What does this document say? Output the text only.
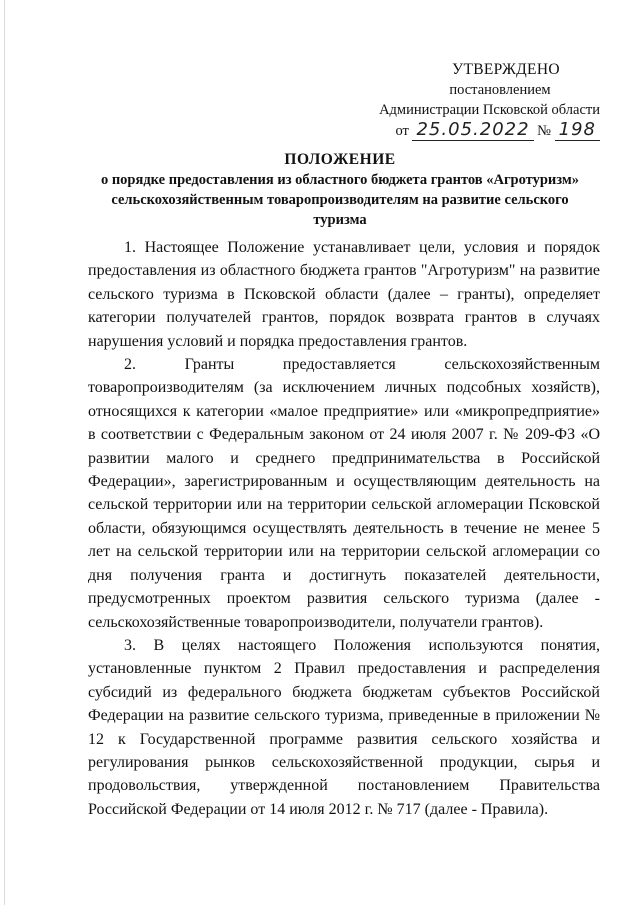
УТВЕРЖДЕНО
постановлением
Администрации Псковской области
от 25.05.2022 № 198
ПОЛОЖЕНИЕ
о порядке предоставления из областного бюджета грантов «Агротуризм»
сельскохозяйственным товаропроизводителям на развитие сельского
туризма

1. Настоящее Положение устанавливает цели, условия и порядок предоставления из областного бюджета грантов "Агротуризм" на развитие сельского туризма в Псковской области (далее – гранты), определяет категории получателей грантов, порядок возврата грантов в случаях нарушения условий и порядка предоставления грантов.

2. Гранты предоставляется сельскохозяйственным товаропроизводителям (за исключением личных подсобных хозяйств), относящихся к категории «малое предприятие» или «микропредприятие» в соответствии с Федеральным законом от 24 июля 2007 г. № 209-ФЗ «О развитии малого и среднего предпринимательства в Российской Федерации», зарегистрированным и осуществляющим деятельность на сельской территории или на территории сельской агломерации Псковской области, обязующимся осуществлять деятельность в течение не менее 5 лет на сельской территории или на территории сельской агломерации со дня получения гранта и достигнуть показателей деятельности, предусмотренных проектом развития сельского туризма (далее - сельскохозяйственные товаропроизводители, получатели грантов).

3. В целях настоящего Положения используются понятия, установленные пунктом 2 Правил предоставления и распределения субсидий из федерального бюджета бюджетам субъектов Российской Федерации на развитие сельского туризма, приведенные в приложении № 12 к Государственной программе развития сельского хозяйства и регулирования рынков сельскохозяйственной продукции, сырья и продовольствия, утвержденной постановлением Правительства Российской Федерации от 14 июля 2012 г. № 717 (далее - Правила).
